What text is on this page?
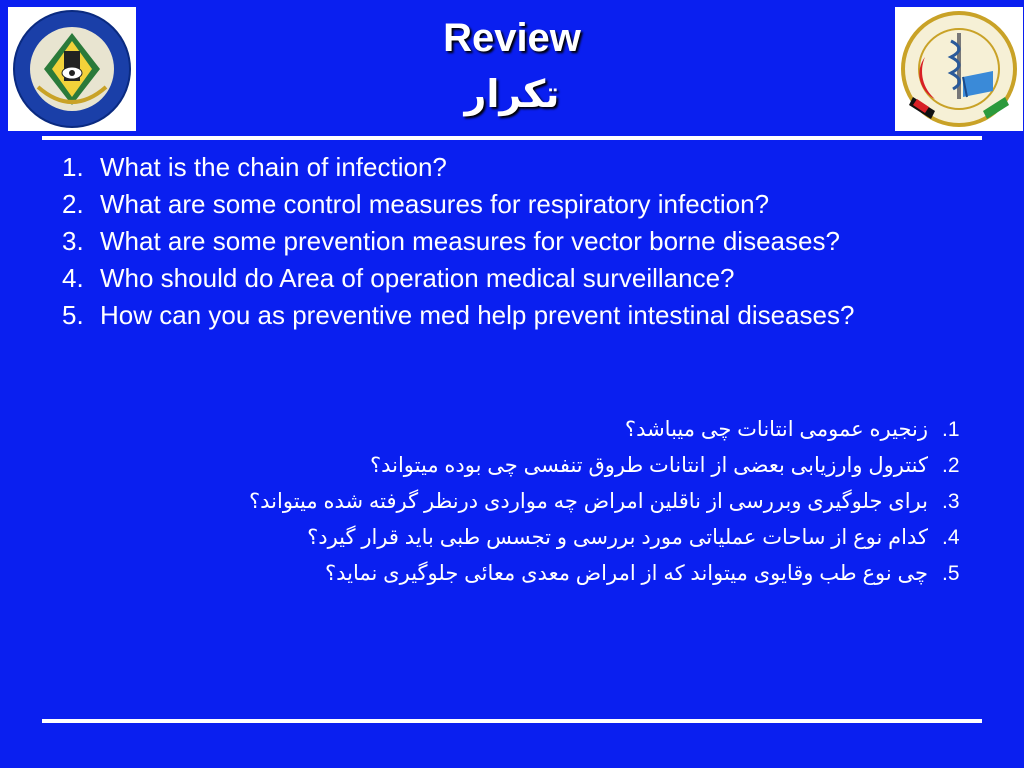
Review
تکرار
1. What is the chain of infection?
2. What are some control measures for respiratory infection?
3. What are some prevention measures for vector borne diseases?
4. Who should do Area of operation medical surveillance?
5. How can you as preventive med help prevent intestinal diseases?
.1
زنجیره عمومی انتانات چی میباشد؟
.2
کنترول وارزیابی بعضی از انتانات طروق تنفسی چی بوده میتواند؟
.3
برای جلوگیری وبررسی از ناقلین امراض چه مواردی درنظر گرفته شده میتواند؟
.4
کدام نوع از ساحات عملیاتی مورد بررسی و تجسس طبی باید قرار گیرد؟
.5
چی نوع طب وقایوی میتواند که از امراض معدی معائی جلوگیری نماید؟
